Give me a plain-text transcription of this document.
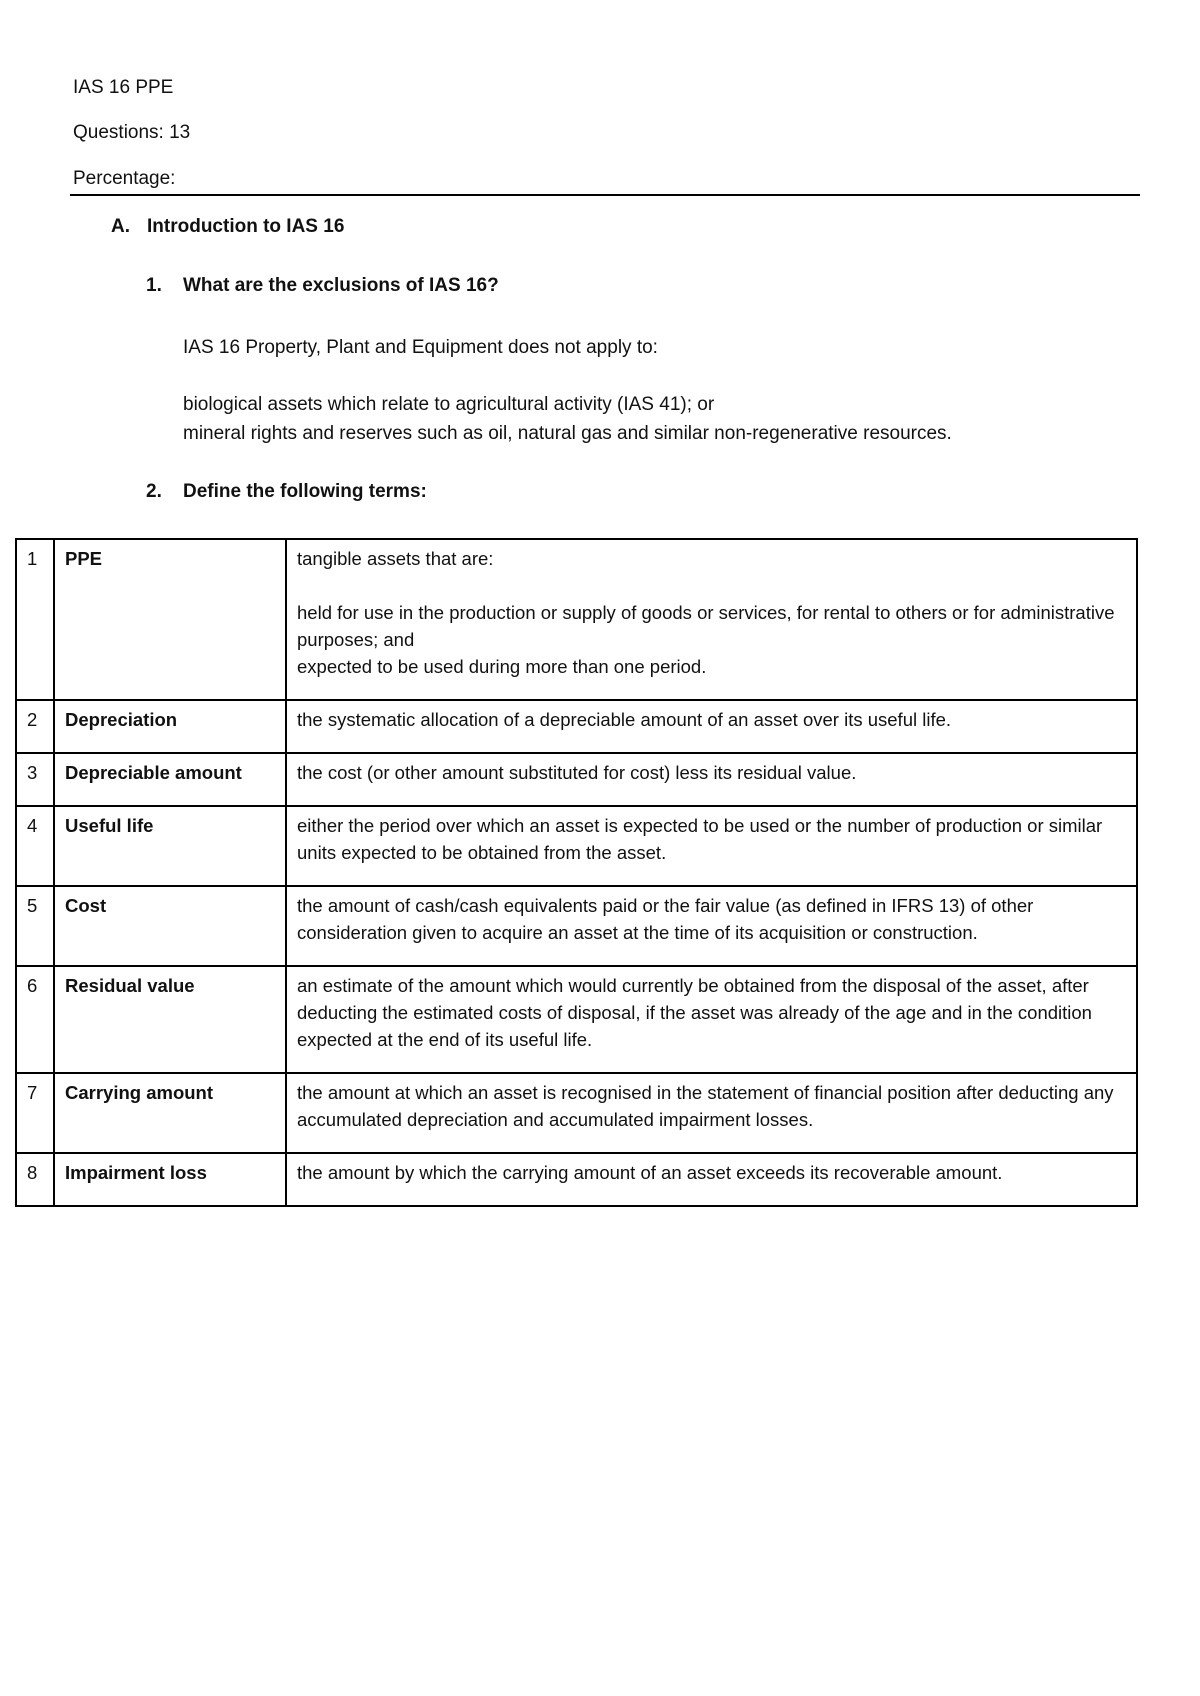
IAS 16 PPE
Questions: 13
Percentage:
A. Introduction to IAS 16
1. What are the exclusions of IAS 16?
IAS 16 Property, Plant and Equipment does not apply to:
biological assets which relate to agricultural activity (IAS 41); or
mineral rights and reserves such as oil, natural gas and similar non-regenerative resources.
2. Define the following terms:
1	PPE	tangible assets that are:
held for use in the production or supply of goods or services, for rental to others or for administrative purposes; and
expected to be used during more than one period.

2	Depreciation	the systematic allocation of a depreciable amount of an asset over its useful life.

3	Depreciable amount	the cost (or other amount substituted for cost) less its residual value.

4	Useful life	either the period over which an asset is expected to be used or the number of production or similar units expected to be obtained from the asset.

5	Cost	the amount of cash/cash equivalents paid or the fair value (as defined in IFRS 13) of other consideration given to acquire an asset at the time of its acquisition or construction.

6	Residual value	an estimate of the amount which would currently be obtained from the disposal of the asset, after deducting the estimated costs of disposal, if the asset was already of the age and in the condition expected at the end of its useful life.

7	Carrying amount	the amount at which an asset is recognised in the statement of financial position after deducting any accumulated depreciation and accumulated impairment losses.

8	Impairment loss	the amount by which the carrying amount of an asset exceeds its recoverable amount.
